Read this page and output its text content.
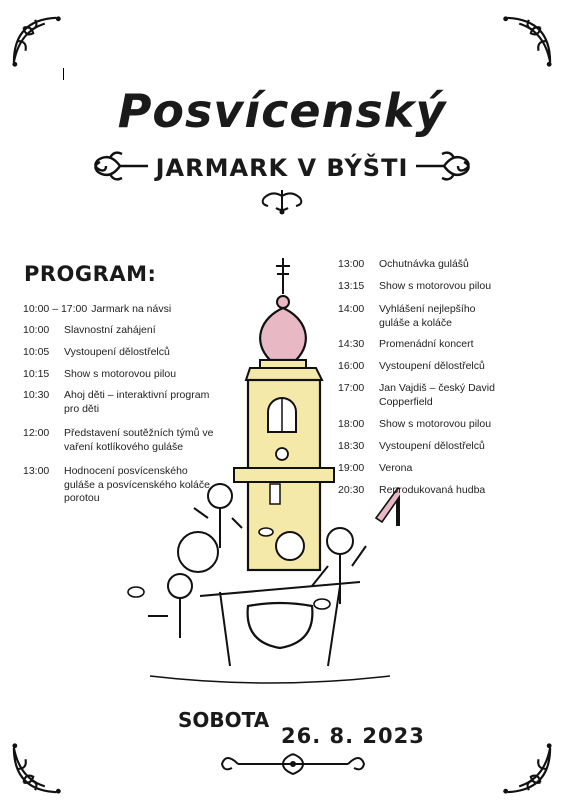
Posvícenský
JARMARK V BÝŠTI
PROGRAM:
10:00 – 17:00 Jarmark na návsi
10:00	Slavnostní zahájení
10:05	Vystoupení dělostřelců
10:15	Show s motorovou pilou
10:30	Ahoj děti – interaktivní program pro děti
12:00	Představení soutěžních týmů ve vaření kotlíkového guláše
13:00	Hodnocení posvícenského guláše a posvícenského koláče porotou
13:00	Ochutnávka gulášů
13:15	Show s motorovou pilou
14:00	Vyhlášení nejlepšího guláše a koláče
14:30	Promenádní koncert
16:00	Vystoupení dělostřelců
17:00	Jan Vajdiš – český David Copperfield
18:00	Show s motorovou pilou
18:30	Vystoupení dělostřelců
19:00	Verona
20:30	Reprodukovaná hudba
SOBOTA
26. 8. 2023
